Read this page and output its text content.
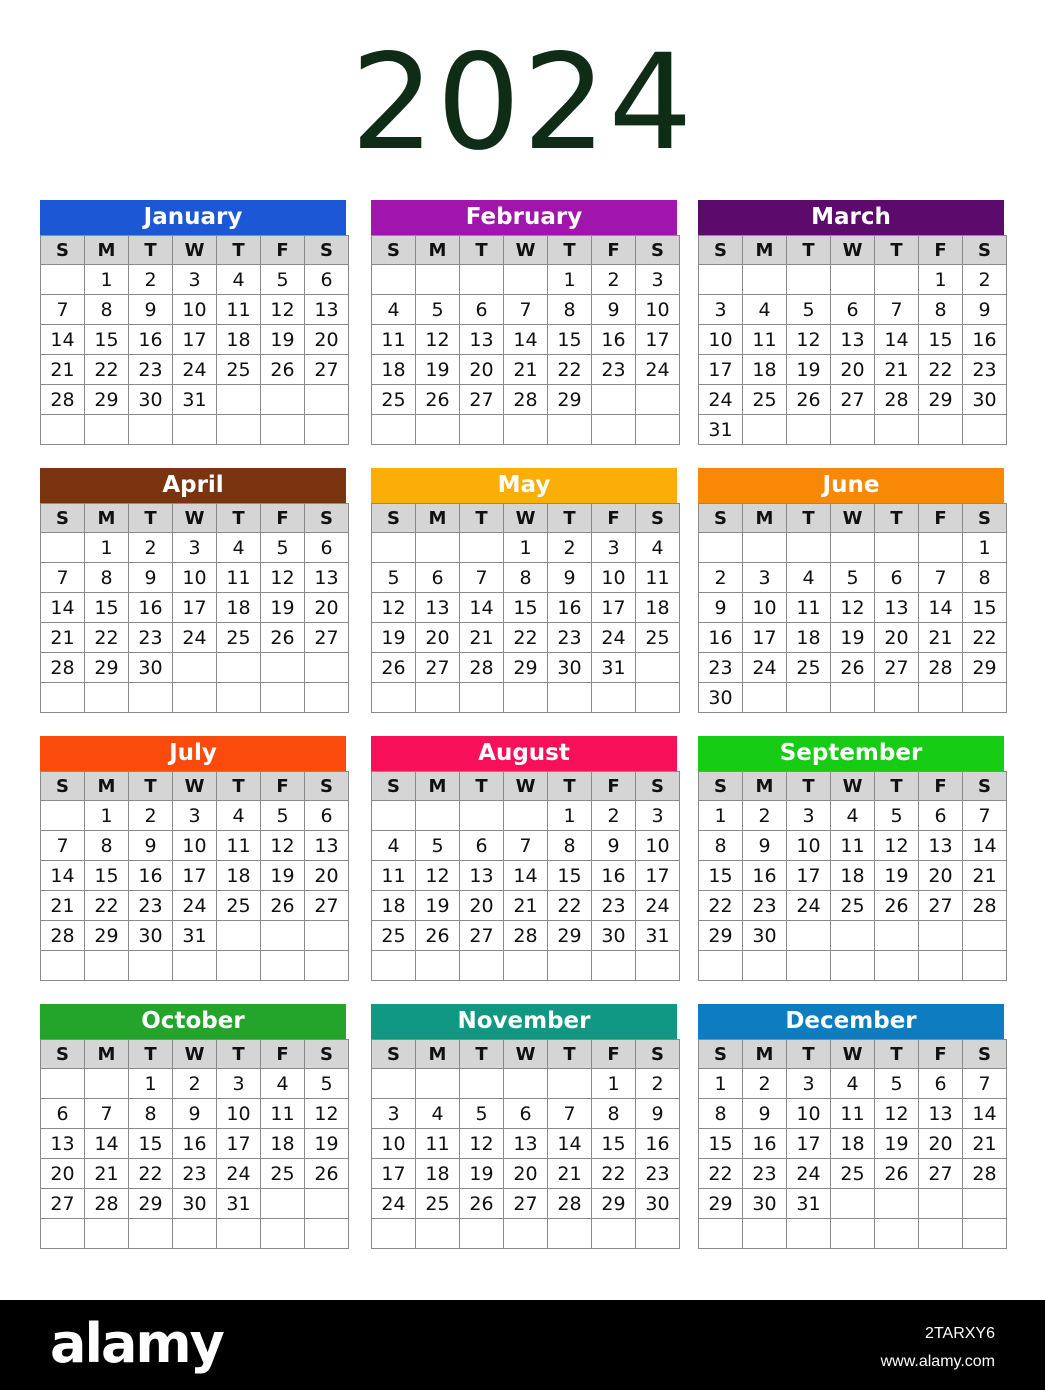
2024
January
S	M	T	W	T	F	S
	1	2	3	4	5	6
7	8	9	10	11	12	13
14	15	16	17	18	19	20
21	22	23	24	25	26	27
28	29	30	31			

February
S	M	T	W	T	F	S
				1	2	3
4	5	6	7	8	9	10
11	12	13	14	15	16	17
18	19	20	21	22	23	24
25	26	27	28	29		

March
S	M	T	W	T	F	S
					1	2
3	4	5	6	7	8	9
10	11	12	13	14	15	16
17	18	19	20	21	22	23
24	25	26	27	28	29	30
31						
April
S	M	T	W	T	F	S
	1	2	3	4	5	6
7	8	9	10	11	12	13
14	15	16	17	18	19	20
21	22	23	24	25	26	27
28	29	30				

May
S	M	T	W	T	F	S
			1	2	3	4
5	6	7	8	9	10	11
12	13	14	15	16	17	18
19	20	21	22	23	24	25
26	27	28	29	30	31	

June
S	M	T	W	T	F	S
						1
2	3	4	5	6	7	8
9	10	11	12	13	14	15
16	17	18	19	20	21	22
23	24	25	26	27	28	29
30						
July
S	M	T	W	T	F	S
	1	2	3	4	5	6
7	8	9	10	11	12	13
14	15	16	17	18	19	20
21	22	23	24	25	26	27
28	29	30	31			

August
S	M	T	W	T	F	S
				1	2	3
4	5	6	7	8	9	10
11	12	13	14	15	16	17
18	19	20	21	22	23	24
25	26	27	28	29	30	31

September
S	M	T	W	T	F	S
1	2	3	4	5	6	7
8	9	10	11	12	13	14
15	16	17	18	19	20	21
22	23	24	25	26	27	28
29	30					

October
S	M	T	W	T	F	S
		1	2	3	4	5
6	7	8	9	10	11	12
13	14	15	16	17	18	19
20	21	22	23	24	25	26
27	28	29	30	31		

November
S	M	T	W	T	F	S
					1	2
3	4	5	6	7	8	9
10	11	12	13	14	15	16
17	18	19	20	21	22	23
24	25	26	27	28	29	30

December
S	M	T	W	T	F	S
1	2	3	4	5	6	7
8	9	10	11	12	13	14
15	16	17	18	19	20	21
22	23	24	25	26	27	28
29	30	31				

alamy	2TARXY6
www.alamy.com
